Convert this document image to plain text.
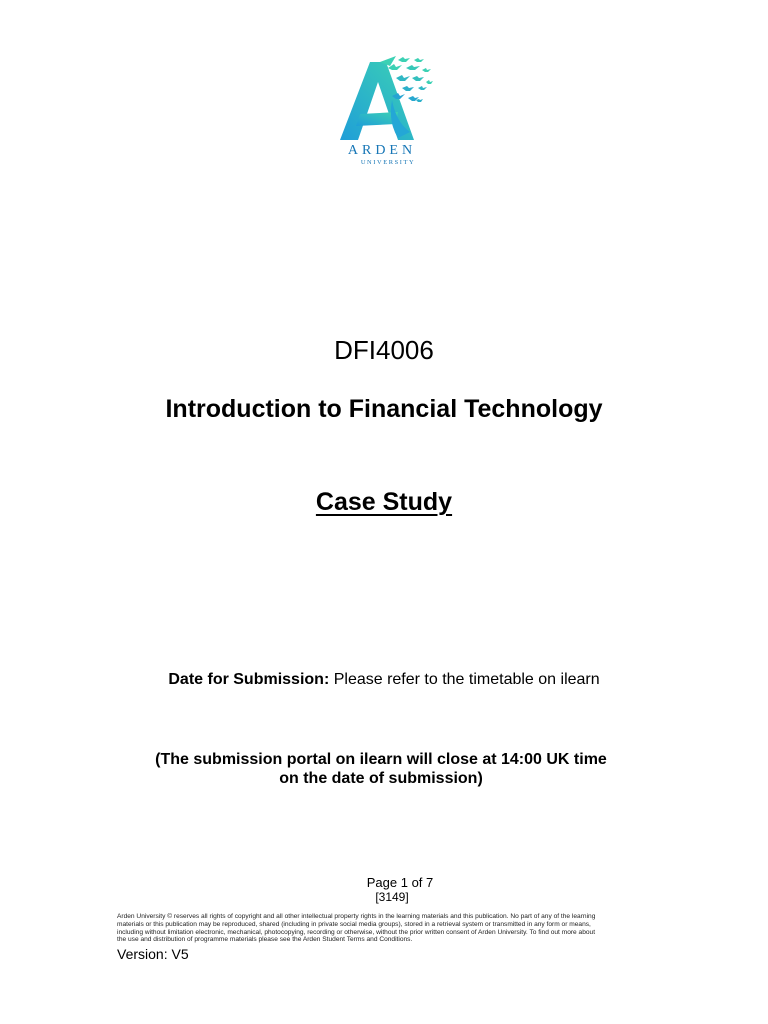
ARDEN
UNIVERSITY
DFI4006
Introduction to Financial Technology
Case Study
Date for Submission: Please refer to the timetable on ilearn
(The submission portal on ilearn will close at 14:00 UK time
on the date of submission)
Page 1 of 7
[3149]
Arden University © reserves all rights of copyright and all other intellectual property rights in the learning materials and this publication. No part of any of the learning
materials or this publication may be reproduced, shared (including in private social media groups), stored in a retrieval system or transmitted in any form or means,
including without limitation electronic, mechanical, photocopying, recording or otherwise, without the prior written consent of Arden University. To find out more about
the use and distribution of programme materials please see the Arden Student Terms and Conditions.
Version: V5
